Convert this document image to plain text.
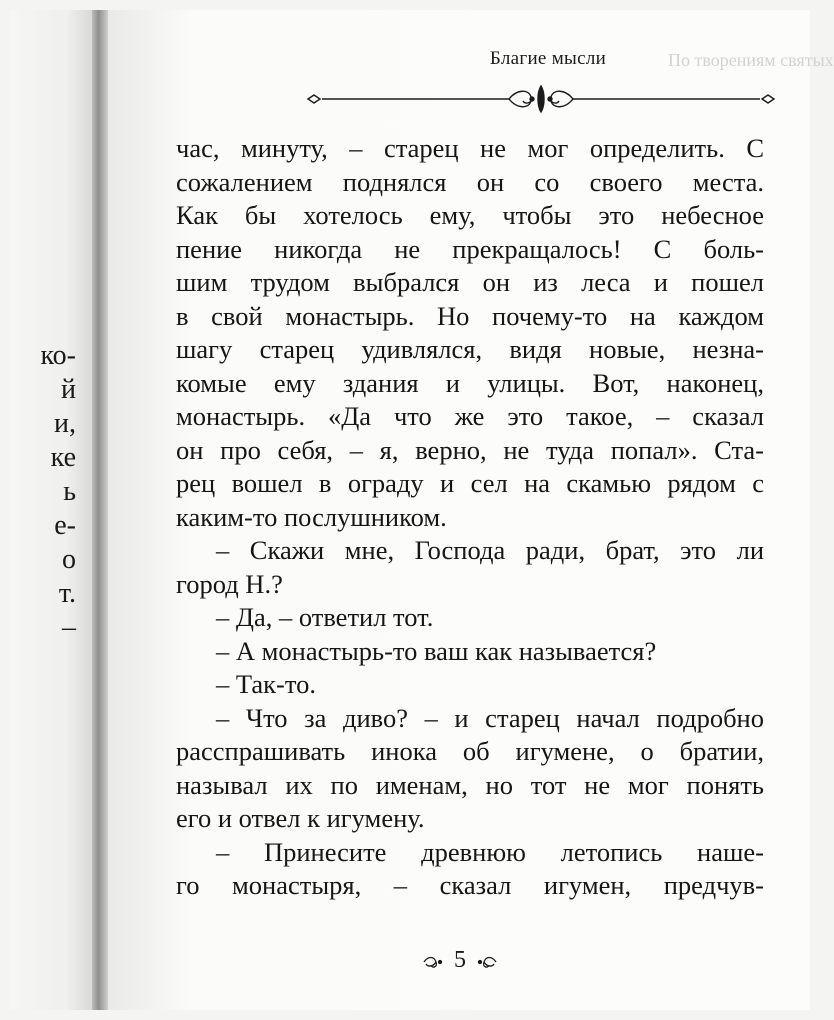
ко-
й
и,
ке
ь
е-
о
т.
–
По творениям святых
Благие мысли
час, минуту, – старец не мог определить. С
сожалением поднялся он со своего места.
Как бы хотелось ему, чтобы это небесное
пение никогда не прекращалось! С боль-
шим трудом выбрался он из леса и пошел
в свой монастырь. Но почему-то на каждом
шагу старец удивлялся, видя новые, незна-
комые ему здания и улицы. Вот, наконец,
монастырь. «Да что же это такое, – сказал
он про себя, – я, верно, не туда попал». Ста-
рец вошел в ограду и сел на скамью рядом с
каким-то послушником.
– Скажи мне, Господа ради, брат, это ли
город Н.?
– Да, – ответил тот.
– А монастырь-то ваш как называется?
– Так-то.
– Что за диво? – и старец начал подробно
расспрашивать инока об игумене, о братии,
называл их по именам, но тот не мог понять
его и отвел к игумену.
– Принесите древнюю летопись наше-
го монастыря, – сказал игумен, предчув-
5
